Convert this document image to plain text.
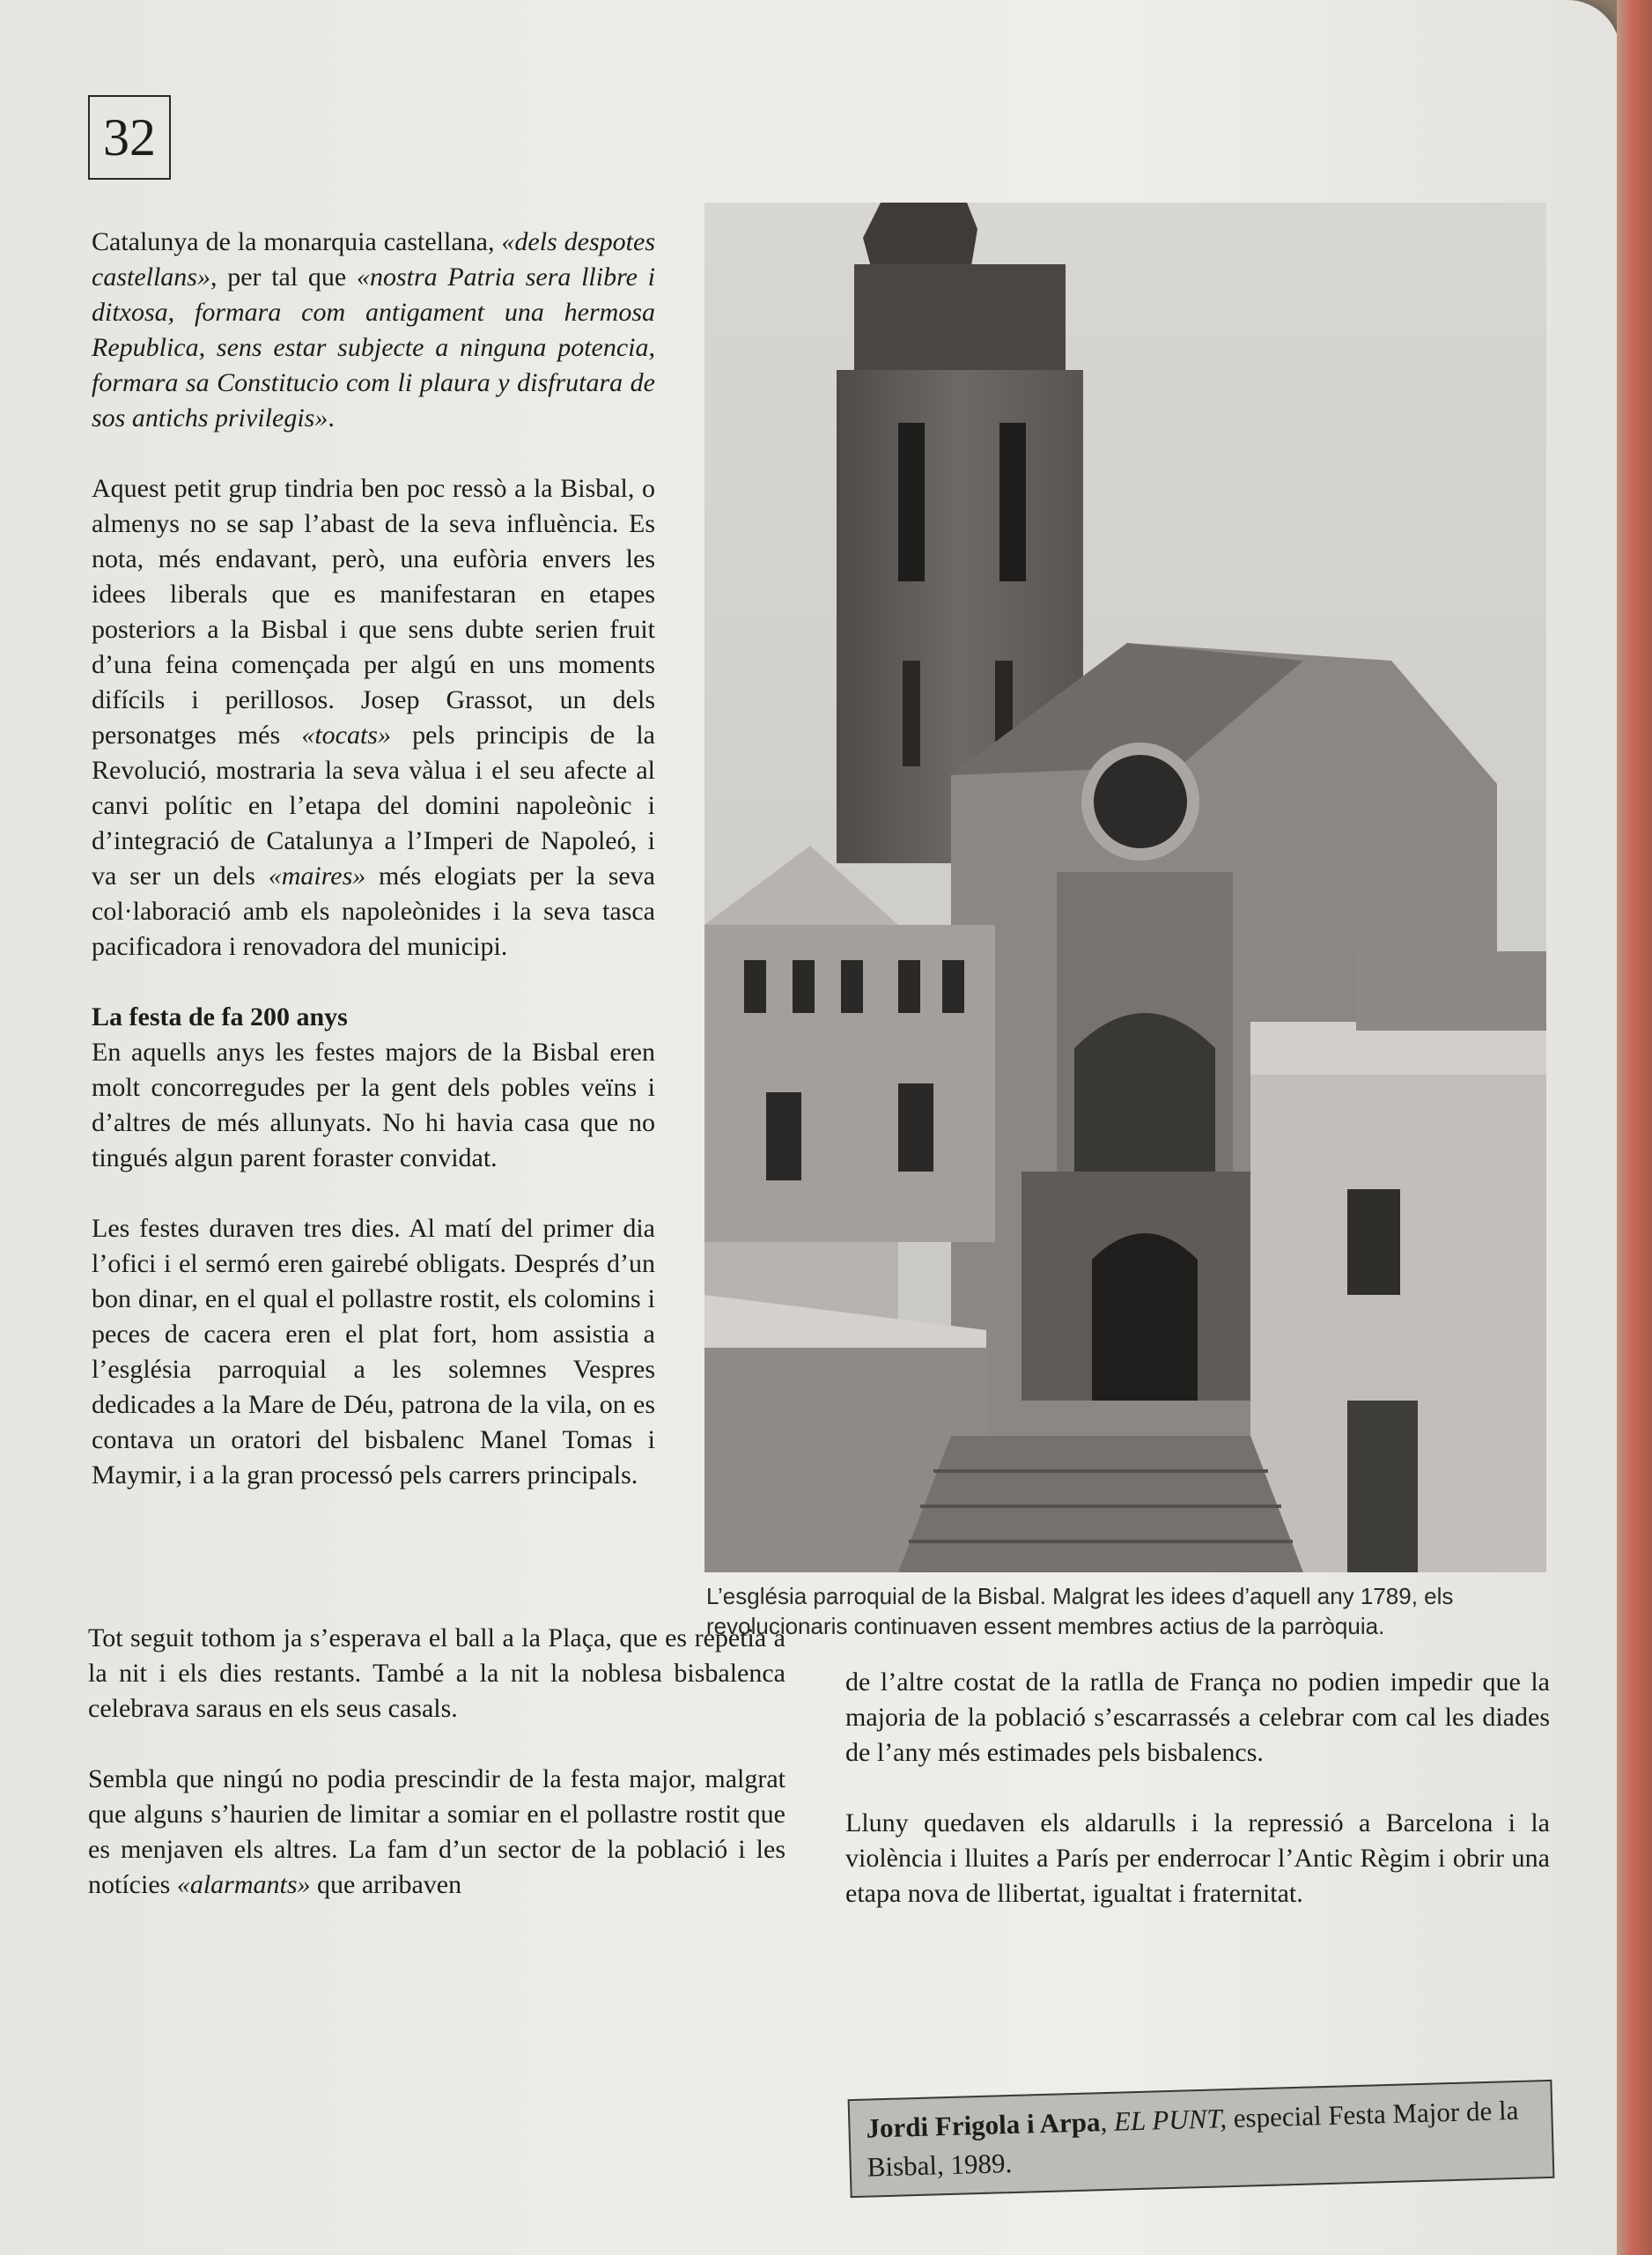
32

Catalunya de la monarquia castellana, «dels despotes castellans», per tal que «nostra Patria sera llibre i ditxosa, formara com antigament una hermosa Republica, sens estar subjecte a ninguna potencia, formara sa Constitucio com li plaura y disfrutara de sos antichs privilegis».

Aquest petit grup tindria ben poc ressò a la Bisbal, o almenys no se sap l’abast de la seva influència. Es nota, més endavant, però, una eufòria envers les idees liberals que es manifestaran en etapes posteriors a la Bisbal i que sens dubte serien fruit d’una feina començada per algú en uns moments difícils i perillosos. Josep Grassot, un dels personatges més «tocats» pels principis de la Revolució, mostraria la seva vàlua i el seu afecte al canvi polític en l’etapa del domini napoleònic i d’integració de Catalunya a l’Imperi de Napoleó, i va ser un dels «maires» més elogiats per la seva col·laboració amb els napoleònides i la seva tasca pacificadora i renovadora del municipi.

La festa de fa 200 anys

En aquells anys les festes majors de la Bisbal eren molt concorregudes per la gent dels pobles veïns i d’altres de més allunyats. No hi havia casa que no tingués algun parent foraster convidat.

Les festes duraven tres dies. Al matí del primer dia l’ofici i el sermó eren gairebé obligats. Després d’un bon dinar, en el qual el pollastre rostit, els colomins i peces de cacera eren el plat fort, hom assistia a l’església parroquial a les solemnes Vespres dedicades a la Mare de Déu, patrona de la vila, on es contava un oratori del bisbalenc Manel Tomas i Maymir, i a la gran processó pels carrers principals.

L’església parroquial de la Bisbal. Malgrat les idees d’aquell any 1789, els revolucionaris continuaven essent membres actius de la parròquia.

Tot seguit tothom ja s’esperava el ball a la Plaça, que es repetia a la nit i els dies restants. També a la nit la noblesa bisbalenca celebrava saraus en els seus casals.

Sembla que ningú no podia prescindir de la festa major, malgrat que alguns s’haurien de limitar a somiar en el pollastre rostit que es menjaven els altres. La fam d’un sector de la població i les notícies «alarmants» que arribaven

de l’altre costat de la ratlla de França no podien impedir que la majoria de la població s’escarrassés a celebrar com cal les diades de l’any més estimades pels bisbalencs.

Lluny quedaven els aldarulls i la repressió a Barcelona i la violència i lluites a París per enderrocar l’Antic Règim i obrir una etapa nova de llibertat, igualtat i fraternitat.

Jordi Frigola i Arpa, EL PUNT, especial Festa Major de la Bisbal, 1989.
